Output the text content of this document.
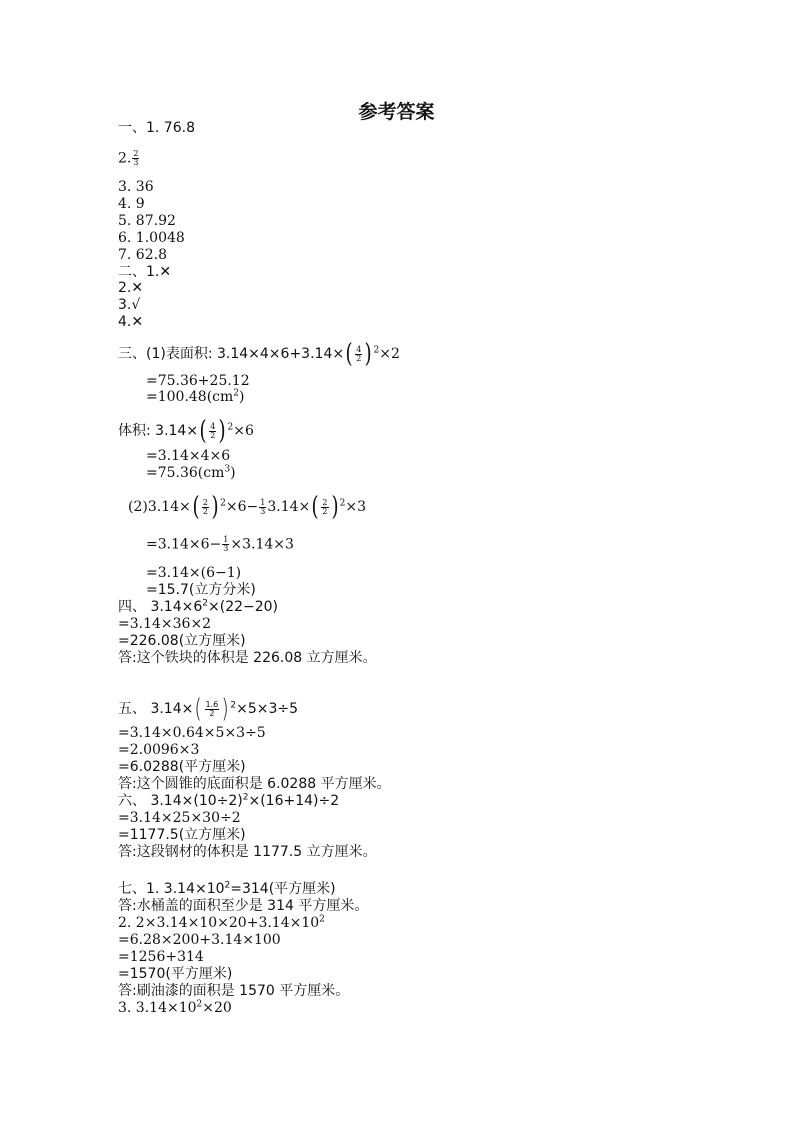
参考答案
一、1. 76.8
2. $\frac{2}{3}$
3. 36
4. 9
5. 87.92
6. 1.0048
7. 62.8
二、1.✕
2.✕
3.√
4.✕
三、(1)表面积: $3.14\times 4\times 6+3.14\times( \frac{4}{2}$ ) $^2$×2
=75.36+25.12
$=100.48(cm^2)$
体积: $3.14\times( \frac{4}{2}$ ) $^2$×6
=3.14×4×6
$=75.36(cm^3)$
$(2)3.14\times( \frac{2}{2}$ ) $^2\times 6- \frac{1}{3} 3.14\times( \frac{2}{2}$ ) $^2$×3
$=3.14\times 6- \frac{1}{3} \times 3.14\times 3$
=3.14×(6−1)
=15.7(立方分米)
四、 $3.14\times 6^2\times(22-20)$
=3.14×36×2
=226.08(立方厘米)
答:这个铁块的体积是 226.08 立方厘米。
五、 $3.14\times( \frac{1.6}{2}$ ) $^2$×5×3÷5
=3.14×0.64×5×3÷5
=2.0096×3
=6.0288(平方厘米)
答:这个圆锥的底面积是 6.0288 平方厘米。
六、 $3.14\times(10\div 2)^2\times(16+14)\div 2$
=3.14×25×30÷2
=1177.5(立方厘米)
答:这段钢材的体积是 1177.5 立方厘米。
七、1. $3.14\times 10^2=314$(平方厘米)
答:水桶盖的面积至少是 314 平方厘米。
2. $2\times 3.14\times 10\times 20+3.14\times 10^2$
=6.28×200+3.14×100
=1256+314
=1570(平方厘米)
答:刷油漆的面积是 1570 平方厘米。
3. $3.14\times 10^2\times 20$
